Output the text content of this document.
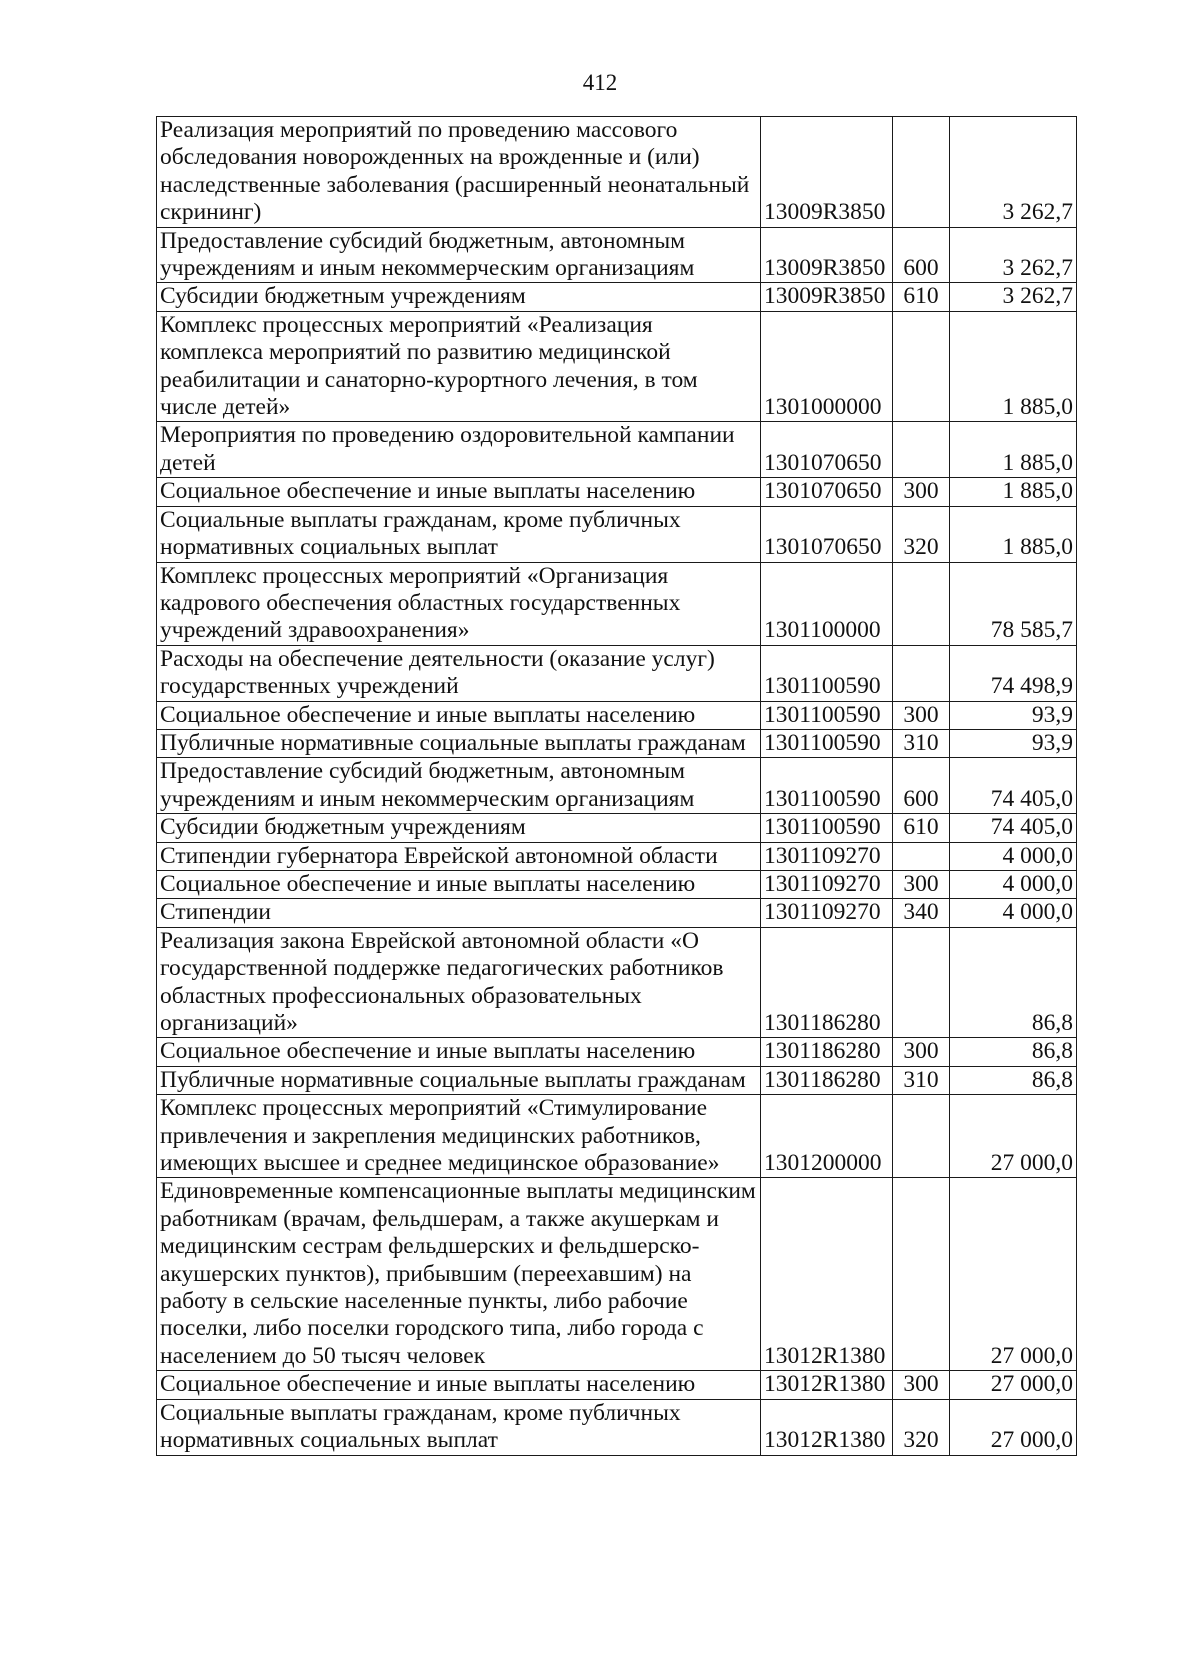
412
Реализация мероприятий по проведению массового обследования новорожденных на врожденные и (или) наследственные заболевания (расширенный неонатальный скрининг)	13009R3850		3 262,7
Предоставление субсидий бюджетным, автономным учреждениям и иным некоммерческим организациям	13009R3850	600	3 262,7
Субсидии бюджетным учреждениям	13009R3850	610	3 262,7
Комплекс процессных мероприятий «Реализация комплекса мероприятий по развитию медицинской реабилитации и санаторно-курортного лечения, в том числе детей»	1301000000		1 885,0
Мероприятия по проведению оздоровительной кампании детей	1301070650		1 885,0
Социальное обеспечение и иные выплаты населению	1301070650	300	1 885,0
Социальные выплаты гражданам, кроме публичных нормативных социальных выплат	1301070650	320	1 885,0
Комплекс процессных мероприятий «Организация кадрового обеспечения областных государственных учреждений здравоохранения»	1301100000		78 585,7
Расходы на обеспечение деятельности (оказание услуг) государственных учреждений	1301100590		74 498,9
Социальное обеспечение и иные выплаты населению	1301100590	300	93,9
Публичные нормативные социальные выплаты гражданам	1301100590	310	93,9
Предоставление субсидий бюджетным, автономным учреждениям и иным некоммерческим организациям	1301100590	600	74 405,0
Субсидии бюджетным учреждениям	1301100590	610	74 405,0
Стипендии губернатора Еврейской автономной области	1301109270		4 000,0
Социальное обеспечение и иные выплаты населению	1301109270	300	4 000,0
Стипендии	1301109270	340	4 000,0
Реализация закона Еврейской автономной области «О государственной поддержке педагогических работников областных профессиональных образовательных организаций»	1301186280		86,8
Социальное обеспечение и иные выплаты населению	1301186280	300	86,8
Публичные нормативные социальные выплаты гражданам	1301186280	310	86,8
Комплекс процессных мероприятий «Стимулирование привлечения и закрепления медицинских работников, имеющих высшее и среднее медицинское образование»	1301200000		27 000,0
Единовременные компенсационные выплаты медицинским работникам (врачам, фельдшерам, а также акушеркам и медицинским сестрам фельдшерских и фельдшерско-акушерских пунктов), прибывшим (переехавшим) на работу в сельские населенные пункты, либо рабочие поселки, либо поселки городского типа, либо города с населением до 50 тысяч человек	13012R1380		27 000,0
Социальное обеспечение и иные выплаты населению	13012R1380	300	27 000,0
Социальные выплаты гражданам, кроме публичных нормативных социальных выплат	13012R1380	320	27 000,0
